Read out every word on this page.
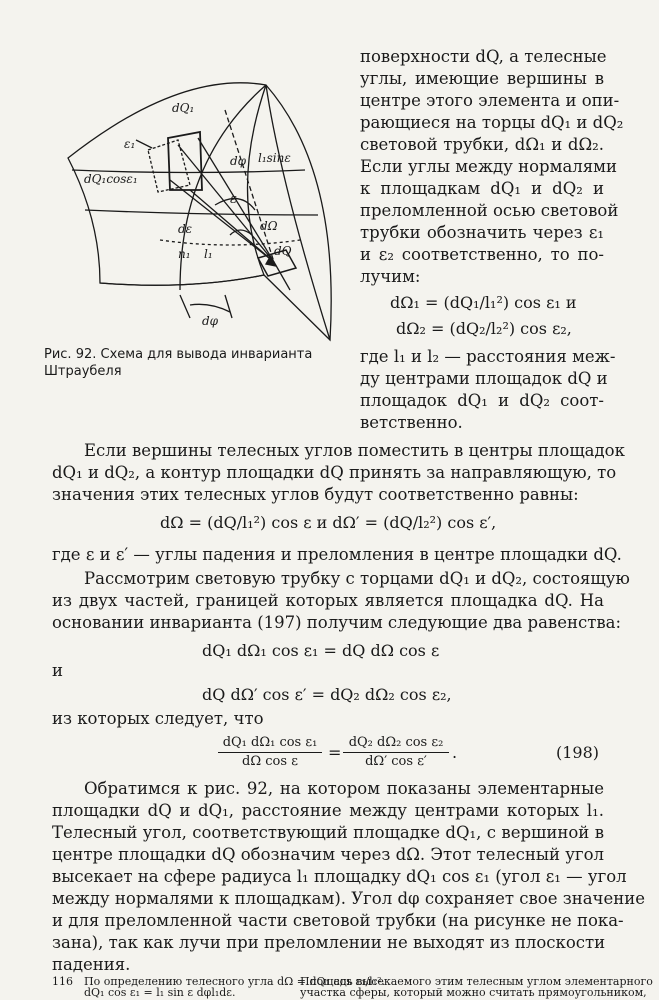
dQ₁
ε₁
dQ₁cosε₁
dφ l₁sinε
ε
dε
n₁ l₁
dΩ
dQ
dφ
Рис. 92. Схема для вывода инварианта
Штраубеля
поверхности dQ, а телесные
углы, имеющие вершины в
центре этого элемента и опи-
рающиеся на торцы dQ₁ и dQ₂
световой трубки, dΩ₁ и dΩ₂.
Если углы между нормалями
к площадкам dQ₁ и dQ₂ и
преломленной осью световой
трубки обозначить через ε₁
и ε₂ соответственно, то по-
лучим:
dΩ₁ = (dQ₁/l₁²) cos ε₁ и
dΩ₂ = (dQ₂/l₂²) cos ε₂,
где l₁ и l₂ — расстояния меж-
ду центрами площадок dQ и
площадок dQ₁ и dQ₂ соот-
ветственно.
Если вершины телесных углов поместить в центры площадок
dQ₁ и dQ₂, а контур площадки dQ принять за направляющую, то
значения этих телесных углов будут соответственно равны:
dΩ = (dQ/l₁²) cos ε и dΩ′ = (dQ/l₂²) cos ε′,
где ε и ε′ — углы падения и преломления в центре площадки dQ.
Рассмотрим световую трубку с торцами dQ₁ и dQ₂, состоящую
из двух частей, границей которых является площадка dQ. На
основании инварианта (197) получим следующие два равенства:
dQ₁ dΩ₁ cos ε₁ = dQ dΩ cos ε
и
dQ dΩ′ cos ε′ = dQ₂ dΩ₂ cos ε₂,
из которых следует, что
dQ₁ dΩ₁ cos ε₁
dΩ cos ε	=
dQ₂ dΩ₂ cos ε₂
dΩ′ cos ε′	.	(198)
Обратимся к рис. 92, на котором показаны элементарные
площадки dQ и dQ₁, расстояние между центрами которых l₁.
Телесный угол, соответствующий площадке dQ₁, с вершиной в
центре площадки dQ обозначим через dΩ. Этот телесный угол
высекает на сфере радиуса l₁ площадку dQ₁ cos ε₁ (угол ε₁ — угол
между нормалями к площадкам). Угол dφ сохраняет свое значение
и для преломленной части световой трубки (на рисунке не пока-
зана), так как лучи при преломлении не выходят из плоскости
падения.
По определению телесного угла dΩ = dQ₁ cos ε₁/l₁².
Площадь высекаемого этим телесным углом элементарного
участка сферы, который можно считать прямоугольником,
dQ₁ cos ε₁ = l₁ sin ε dφl₁dε.
116
